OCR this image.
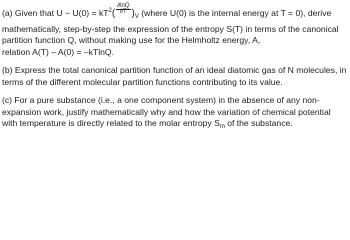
(a) Given that $U - U(0) = kT^2( \frac{\partial\ln Q}{\partial T} )_V$ (where U(0) is the internal energy at T = 0), derive
mathematically, step-by-step the expression of the entropy S(T) in terms of the canonical
partition function Q, without making use for the Helmholtz energy, A,
relation A(T) – A(0) = –kTlnQ.

(b) Express the total canonical partition function of an ideal diatomic gas of N molecules, in
terms of the different molecular partition functions contributing to its value.

(c) For a pure substance (i.e., a one component system) in the absence of any non-
expansion work, justify mathematically why and how the variation of chemical potential
with temperature is directly related to the molar entropy $S_m$ of the substance.
